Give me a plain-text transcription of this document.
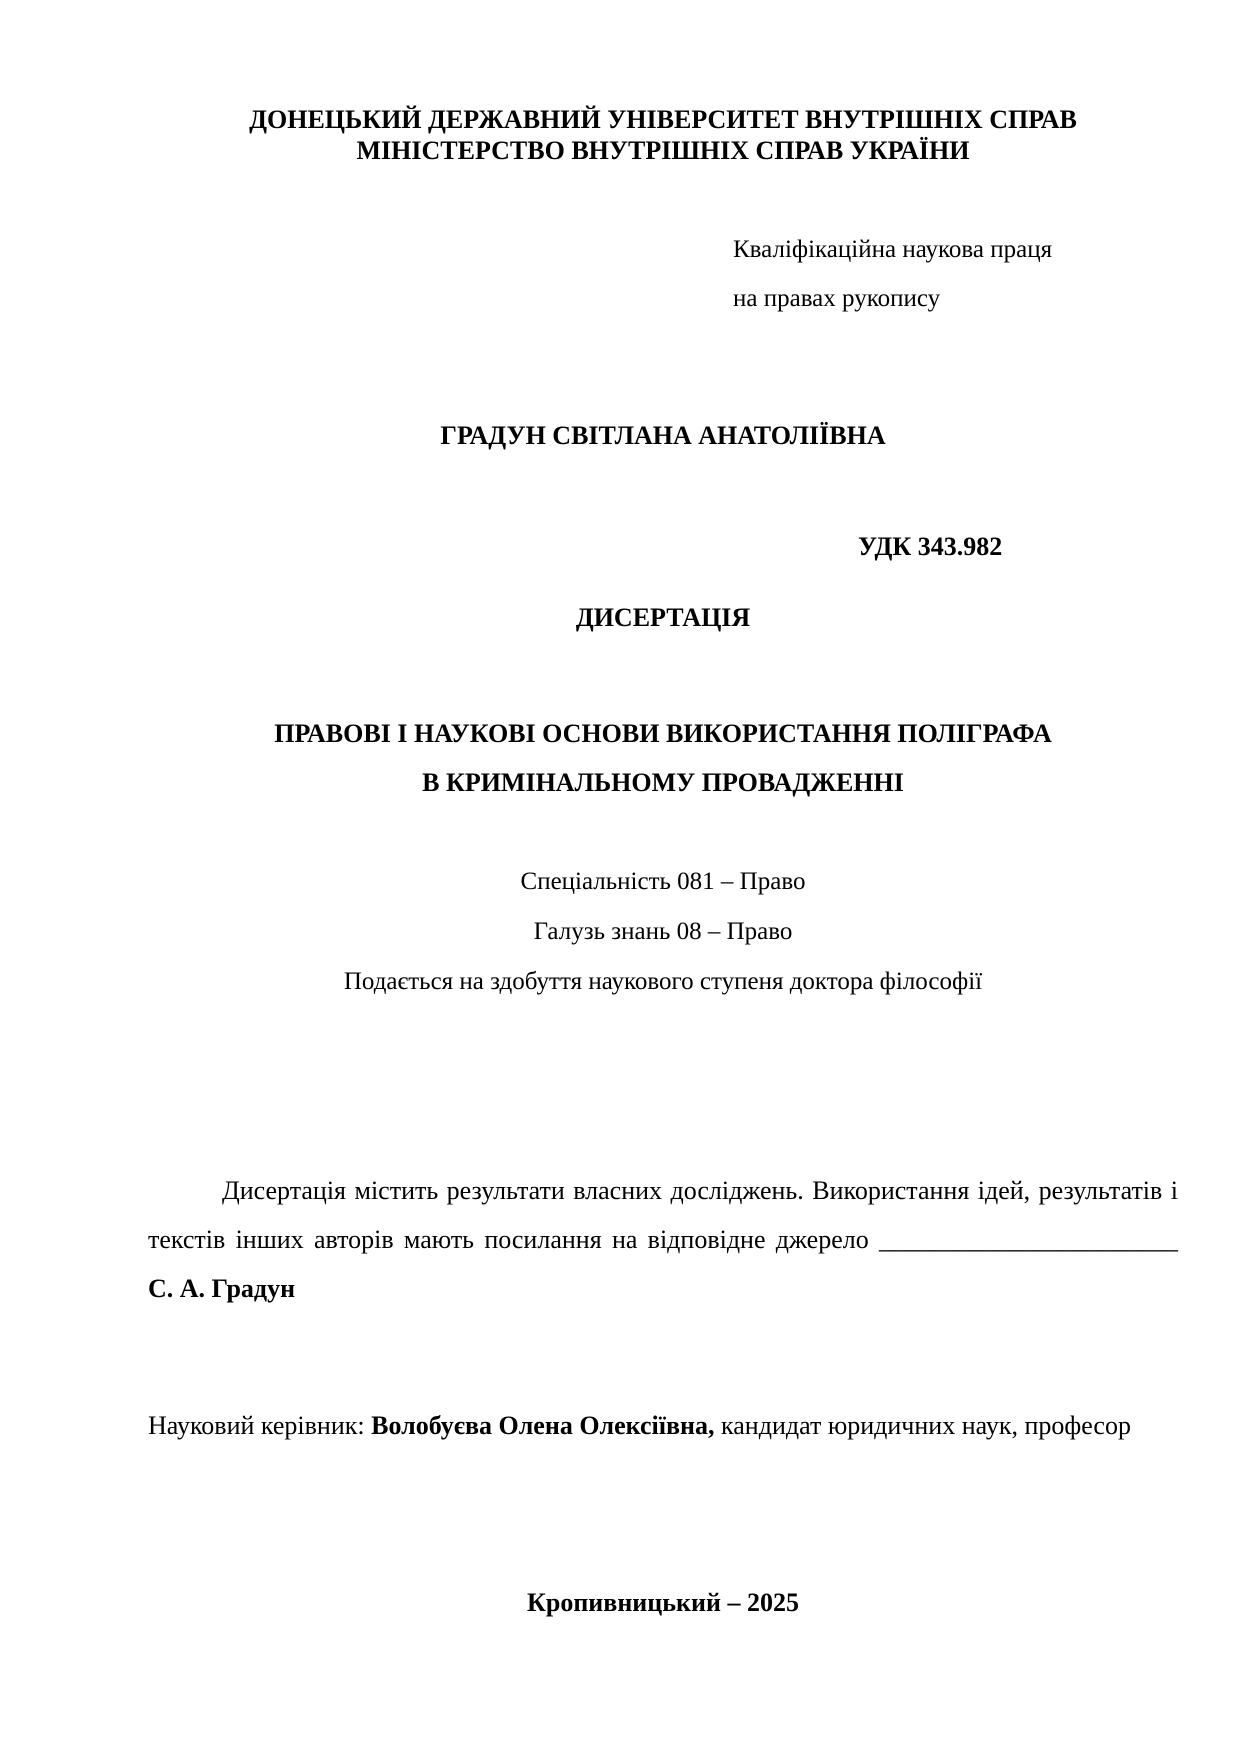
ДОНЕЦЬКИЙ ДЕРЖАВНИЙ УНІВЕРСИТЕТ ВНУТРІШНІХ СПРАВ

МІНІСТЕРСТВО ВНУТРІШНІХ СПРАВ УКРАЇНИ

Кваліфікаційна наукова праця

на правах рукопису

ГРАДУН СВІТЛАНА АНАТОЛІЇВНА

УДК 343.982

ДИСЕРТАЦІЯ

ПРАВОВІ І НАУКОВІ ОСНОВИ ВИКОРИСТАННЯ ПОЛІГРАФА

В КРИМІНАЛЬНОМУ ПРОВАДЖЕННІ

Спеціальність 081 – Право

Галузь знань 08 – Право

Подається на здобуття наукового ступеня доктора філософії

Дисертація містить результати власних досліджень. Використання ідей, результатів і текстів інших авторів мають посилання на відповідне джерело _______________________ С. А. Градун
Науковий керівник: Волобуєва Олена Олексіївна, кандидат юридичних наук, професор

Кропивницький – 2025
